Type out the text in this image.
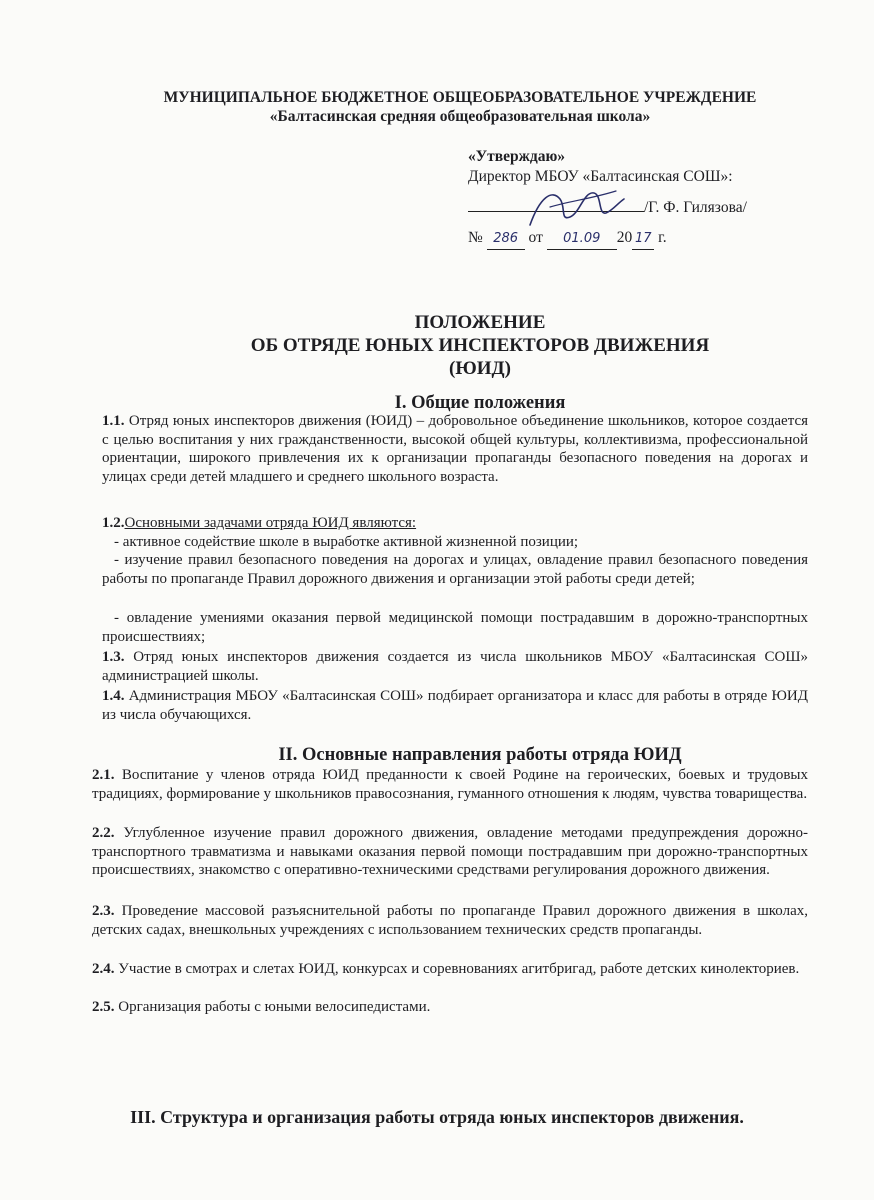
МУНИЦИПАЛЬНОЕ БЮДЖЕТНОЕ ОБЩЕОБРАЗОВАТЕЛЬНОЕ УЧРЕЖДЕНИЕ
«Балтасинская средняя общеобразовательная школа»
«Утверждаю»
Директор МБОУ «Балтасинская СОШ»:
/Г. Ф. Гилязова/
№ 286 от 01.09 20 17 г.
ПОЛОЖЕНИЕ
ОБ ОТРЯДЕ ЮНЫХ ИНСПЕКТОРОВ ДВИЖЕНИЯ
(ЮИД)
I. Общие положения
1.1. Отряд юных инспекторов движения (ЮИД) – добровольное объединение школьников, которое создается с целью воспитания у них гражданственности, высокой общей культуры, коллективизма, профессиональной ориентации, широкого привлечения их к организации пропаганды безопасного поведения на дорогах и улицах среди детей младшего и среднего школьного возраста.
1.2.Основными задачами отряда ЮИД являются:
- активное содействие школе в выработке активной жизненной позиции;
- изучение правил безопасного поведения на дорогах и улицах, овладение правил безопасного поведения работы по пропаганде Правил дорожного движения и организации этой работы среди детей;
- овладение умениями оказания первой медицинской помощи пострадавшим в дорожно-транспортных происшествиях;
1.3. Отряд юных инспекторов движения создается из числа школьников МБОУ «Балтасинская СОШ» администрацией школы.
1.4. Администрация МБОУ «Балтасинская СОШ» подбирает организатора и класс для работы в отряде ЮИД из числа обучающихся.
II. Основные направления работы отряда ЮИД
2.1. Воспитание у членов отряда ЮИД преданности к своей Родине на героических, боевых и трудовых традициях, формирование у школьников правосознания, гуманного отношения к людям, чувства товарищества.
2.2. Углубленное изучение правил дорожного движения, овладение методами предупреждения дорожно-транспортного травматизма и навыками оказания первой помощи пострадавшим при дорожно-транспортных происшествиях, знакомство с оперативно-техническими средствами регулирования дорожного движения.
2.3. Проведение массовой разъяснительной работы по пропаганде Правил дорожного движения в школах, детских садах, внешкольных учреждениях с использованием технических средств пропаганды.
2.4. Участие в смотрах и слетах ЮИД, конкурсах и соревнованиях агитбригад, работе детских кинолекториев.
2.5. Организация работы с юными велосипедистами.
III. Структура и организация работы отряда юных инспекторов движения.
